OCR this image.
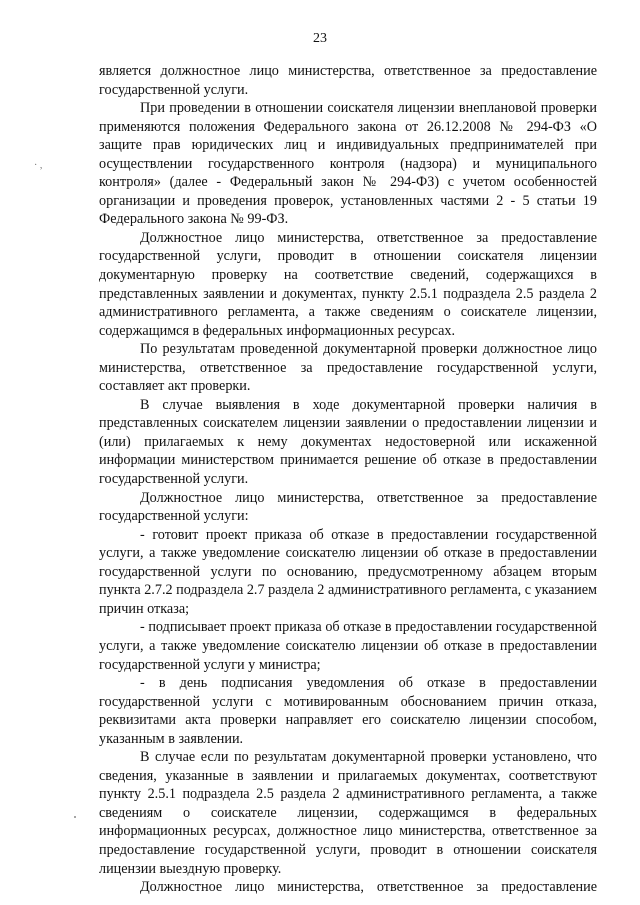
23
· ,

является должностное лицо министерства, ответственное за предоставление государственной услуги.

При проведении в отношении соискателя лицензии внеплановой проверки применяются положения Федерального закона от 26.12.2008 № 294-ФЗ «О защите прав юридических лиц и индивидуальных предпринимателей при осуществлении государственного контроля (надзора) и муниципального контроля» (далее - Федеральный закон № 294-ФЗ) с учетом особенностей организации и проведения проверок, установленных частями 2 - 5 статьи 19 Федерального закона № 99-ФЗ.

Должностное лицо министерства, ответственное за предоставление государственной услуги, проводит в отношении соискателя лицензии документарную проверку на соответствие сведений, содержащихся в представленных заявлении и документах, пункту 2.5.1 подраздела 2.5 раздела 2 административного регламента, а также сведениям о соискателе лицензии, содержащимся в федеральных информационных ресурсах.

По результатам проведенной документарной проверки должностное лицо министерства, ответственное за предоставление государственной услуги, составляет акт проверки.

В случае выявления в ходе документарной проверки наличия в представленных соискателем лицензии заявлении о предоставлении лицензии и (или) прилагаемых к нему документах недостоверной или искаженной информации министерством принимается решение об отказе в предоставлении государственной услуги.

Должностное лицо министерства, ответственное за предоставление государственной услуги:

- готовит проект приказа об отказе в предоставлении государственной услуги, а также уведомление соискателю лицензии об отказе в предоставлении государственной услуги по основанию, предусмотренному абзацем вторым пункта 2.7.2 подраздела 2.7 раздела 2 административного регламента, с указанием причин отказа;

- подписывает проект приказа об отказе в предоставлении государственной услуги, а также уведомление соискателю лицензии об отказе в предоставлении государственной услуги у министра;

- в день подписания уведомления об отказе в предоставлении государственной услуги с мотивированным обоснованием причин отказа, реквизитами акта проверки направляет его соискателю лицензии способом, указанным в заявлении.

В случае если по результатам документарной проверки установлено, что сведения, указанные в заявлении и прилагаемых документах, соответствуют пункту 2.5.1 подраздела 2.5 раздела 2 административного регламента, а также сведениям о соискателе лицензии, содержащимся в федеральных информационных ресурсах, должностное лицо министерства, ответственное за предоставление государственной услуги, проводит в отношении соискателя лицензии выездную проверку.

Должностное лицо министерства, ответственное за предоставление
